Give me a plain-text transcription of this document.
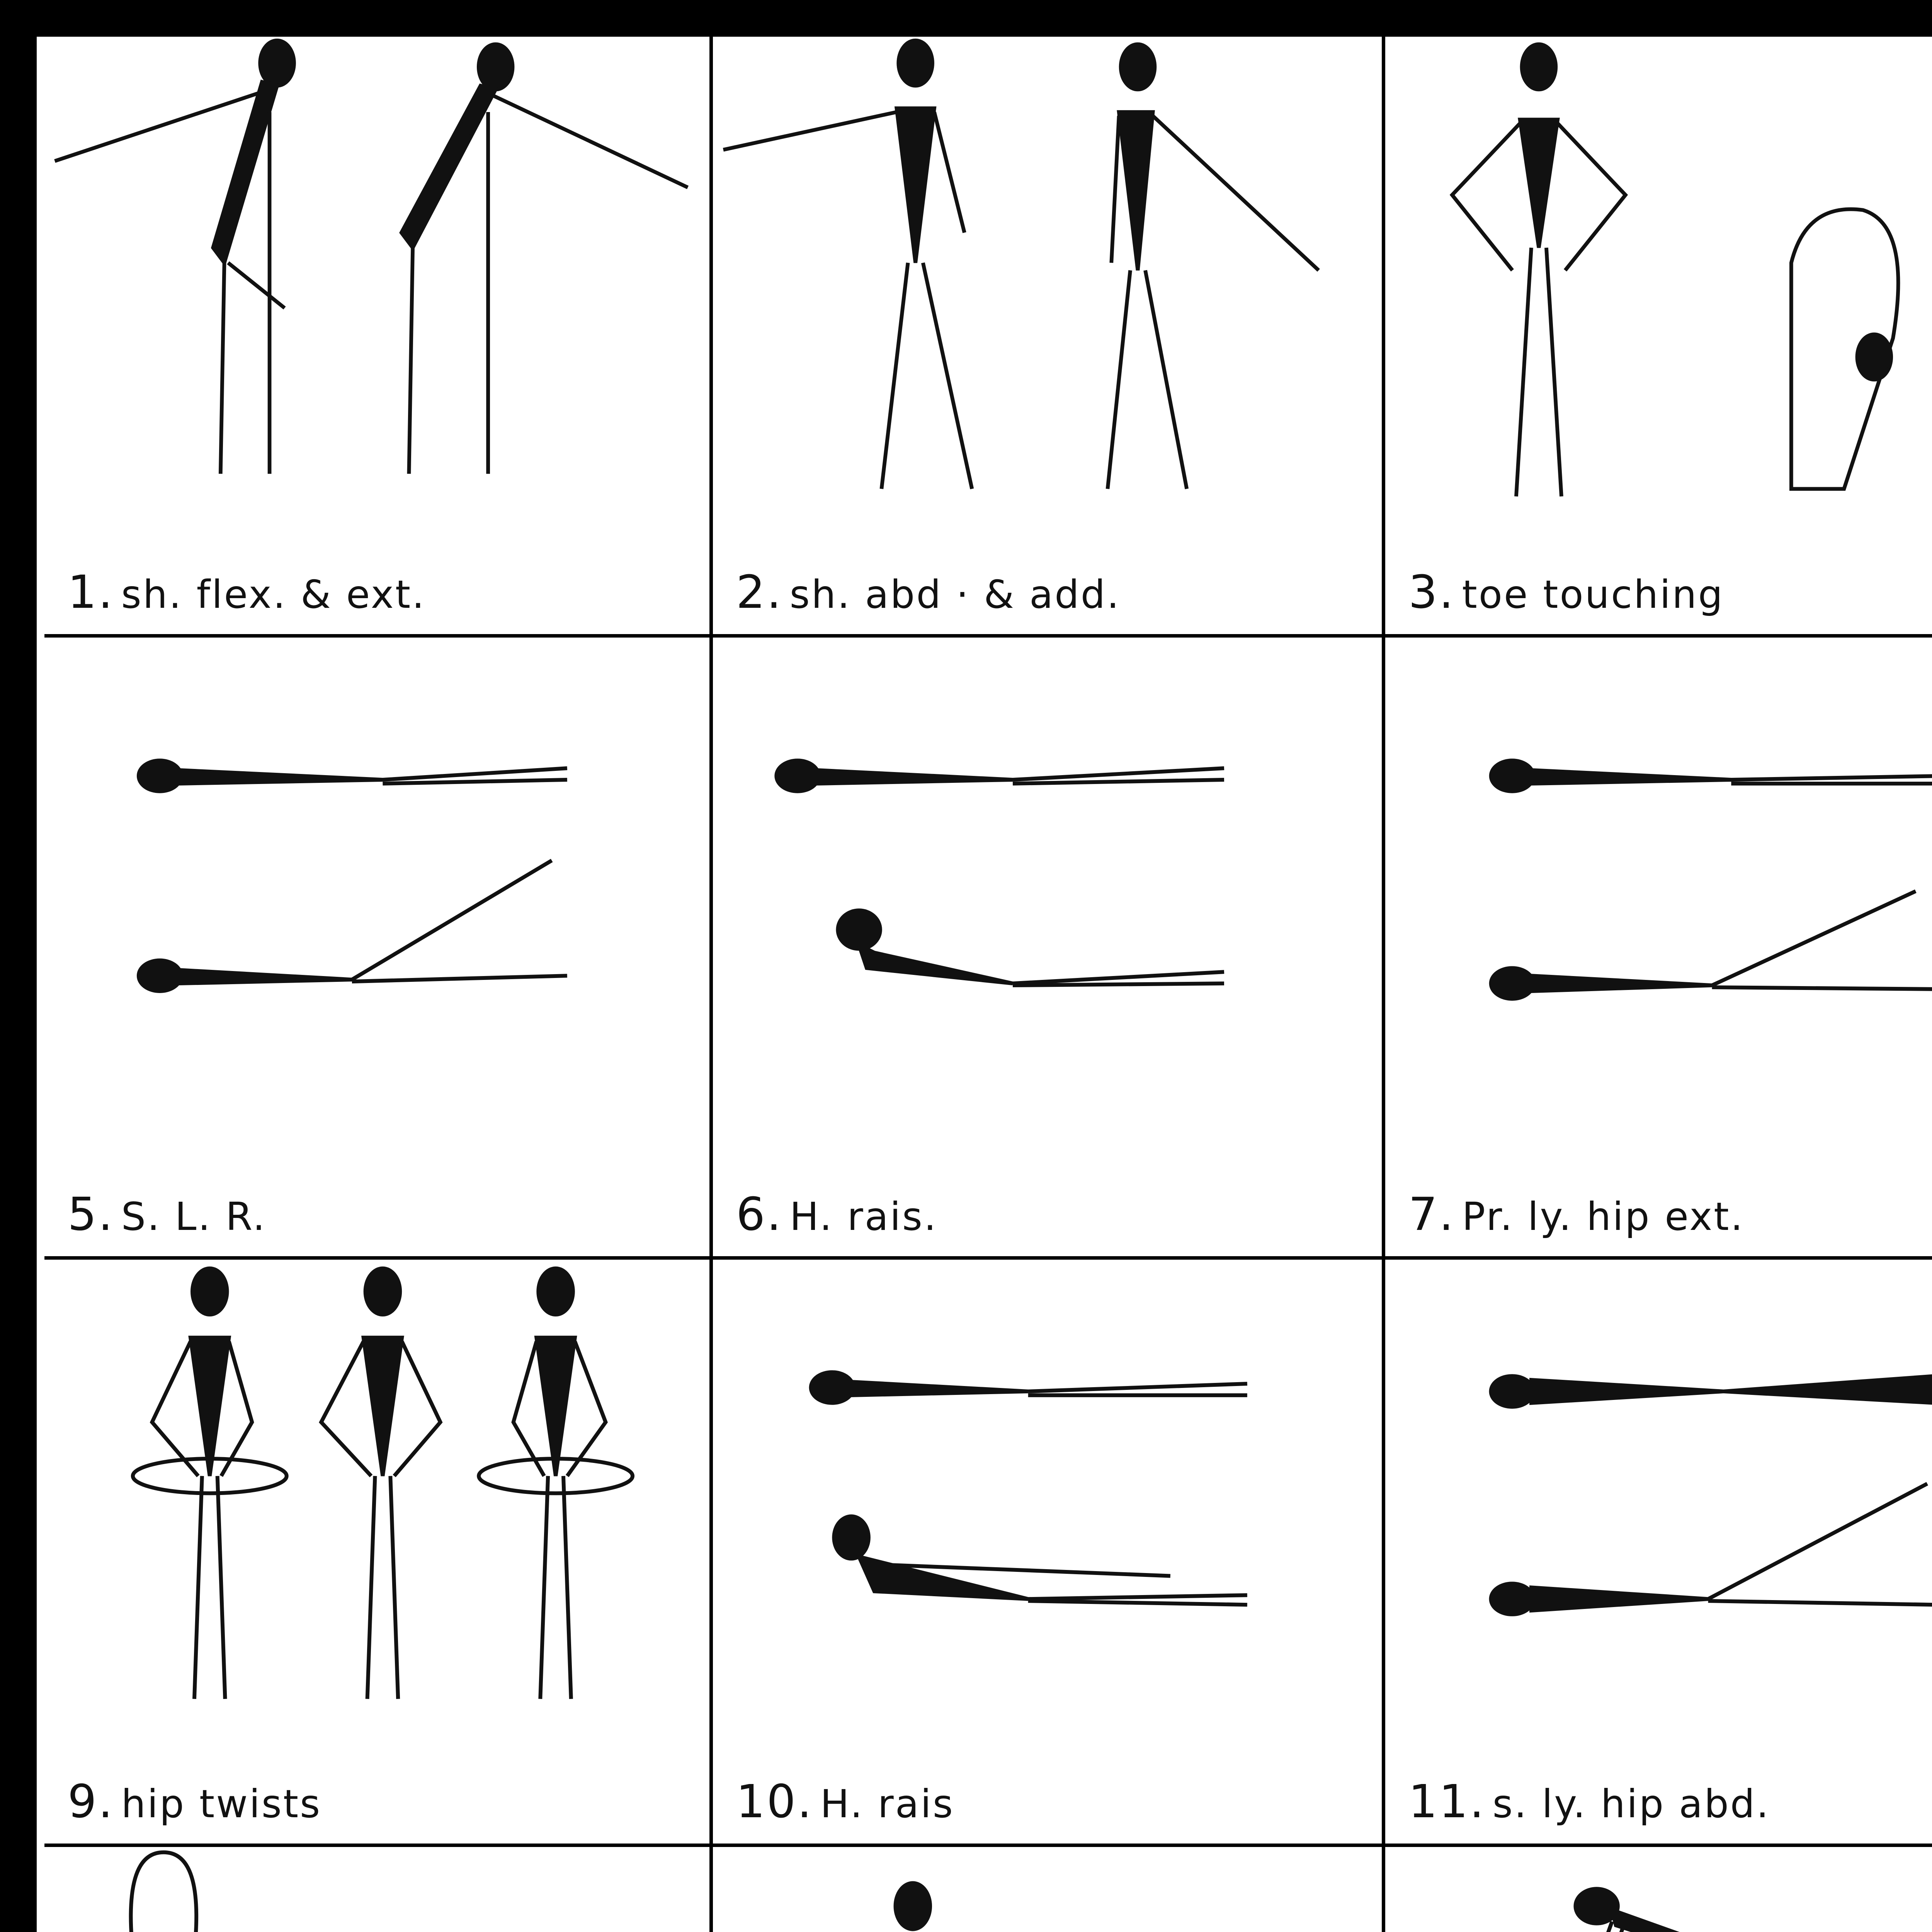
1. sh. flex. & ext.	2. sh. abd · & add.	3. toe touching
5. S. L. R.	6. H. rais.	7. Pr. ly. hip ext.
9. hip twists	10. H. rais	11. s. ly. hip abd.
